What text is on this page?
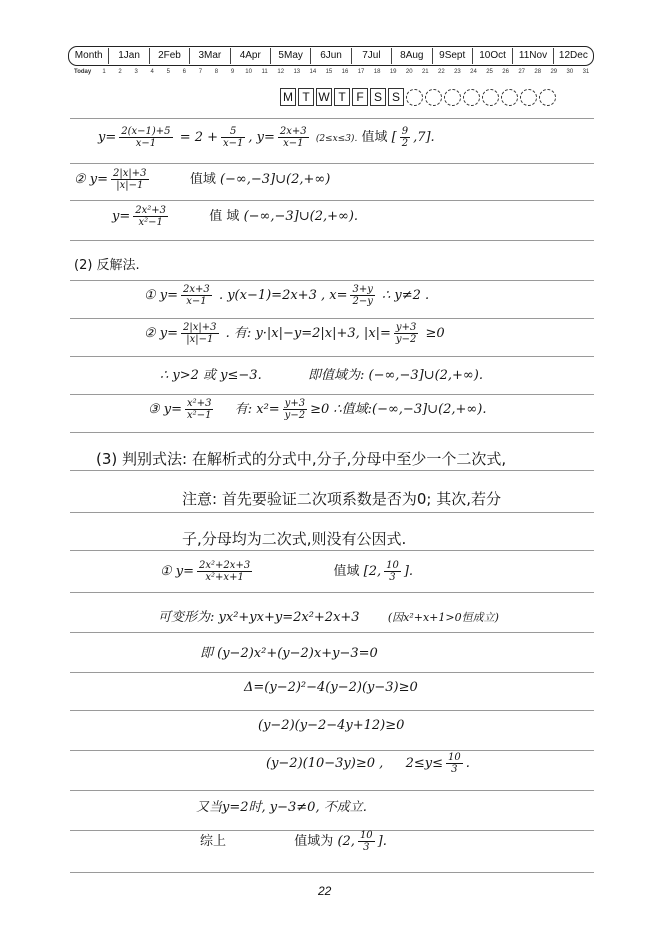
Month	1Jan	2Feb	3Mar	4Apr	5May	6Jun	7Jul	8Aug	9Sept	10Oct	11Nov	12Dec
Today	1	2	3	4	5	6	7	8	9	10	11	12	13	14	15	16	17	18	19	20	21	22	23	24	25	26	27	28	29	30	31
M T W T F S S
$y= \frac{2(x-1)+5}{x-1} = 2 + \frac{5}{x-1}$ , $y= \frac{2x+3}{x-1} (2\le x\le 3)$. 值域 [ $\frac{9}{2} ,7$].
② $y= \frac{2|x|+3}{|x|-1}$	值域 (−∞,−3]∪(2,+∞)
$y= \frac{\text{2x²+3}}{\text{x²−1}}$	值 域 (−∞,−3]∪(2,+∞).
(2) 反解法.
① $y= \frac{2x+3}{x-1}$ . y(x−1)=2x+3 , $x= \frac{3+y}{2-y}$ ∴ y≠2 .
② $y= \frac{2|x|+3}{|x|-1}$ . 有: y·|x|−y=2|x|+3, $|x|= \frac{y+3}{y-2} \ge 0$
∴ y>2 或 y≤−3.	即值域为: (−∞,−3]∪(2,+∞).
③ $y= \frac{\text{x²+3}}{\text{x²−1}}$ 有: $x^2= \frac{y+3}{y-2} \ge 0$ ∴值域:(−∞,−3]∪(2,+∞).
(3) 判别式法: 在解析式的分式中,分子,分母中至少一个二次式,
注意: 首先要验证二次项系数是否为0; 其次,若分
子,分母均为二次式,则没有公因式.
① $y= \frac{\text{2x²+2x+3}}{\text{x²+x+1}}$	值域 [2, $\frac{10}{3}$ ].
可变形为: yx²+yx+y=2x²+2x+3	(因x²+x+1>0恒成立)
即 (y−2)x²+(y−2)x+y−3=0
Δ=(y−2)²−4(y−2)(y−3)≥0
(y−2)(y−2−4y+12)≥0
(y−2)(10−3y)≥0 , $2\le y\le \frac{10}{3}$ .
又当y=2时, y−3≠0, 不成立.
综上	值域为 (2, $\frac{10}{3}$ ].
22
